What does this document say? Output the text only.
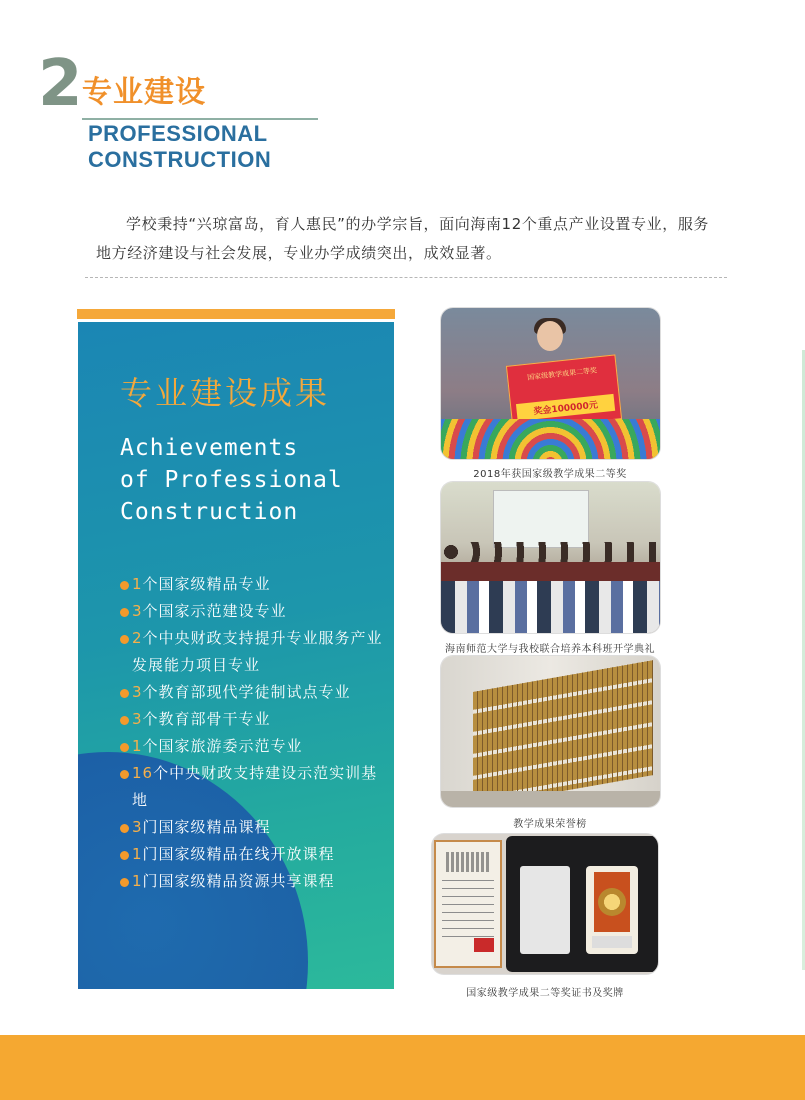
2 专业建设
PROFESSIONAL
CONSTRUCTION

学校秉持“兴琼富岛，育人惠民”的办学宗旨，面向海南12个重点产业设置专业，服务地方经济建设与社会发展，专业办学成绩突出，成效显著。

专业建设成果
Achievements
of Professional
Construction
1个国家级精品专业
3个国家示范建设专业
2个中央财政支持提升专业服务产业发展能力项目专业
3个教育部现代学徒制试点专业
3个教育部骨干专业
1个国家旅游委示范专业
16个中央财政支持建设示范实训基地
3门国家级精品课程
1门国家级精品在线开放课程
1门国家级精品资源共享课程
国家级教学成果二等奖
奖金100000元
2018年获国家级教学成果二等奖
海南师范大学与我校联合培养本科班开学典礼
教学成果荣誉榜
国家级教学成果二等奖证书及奖牌
